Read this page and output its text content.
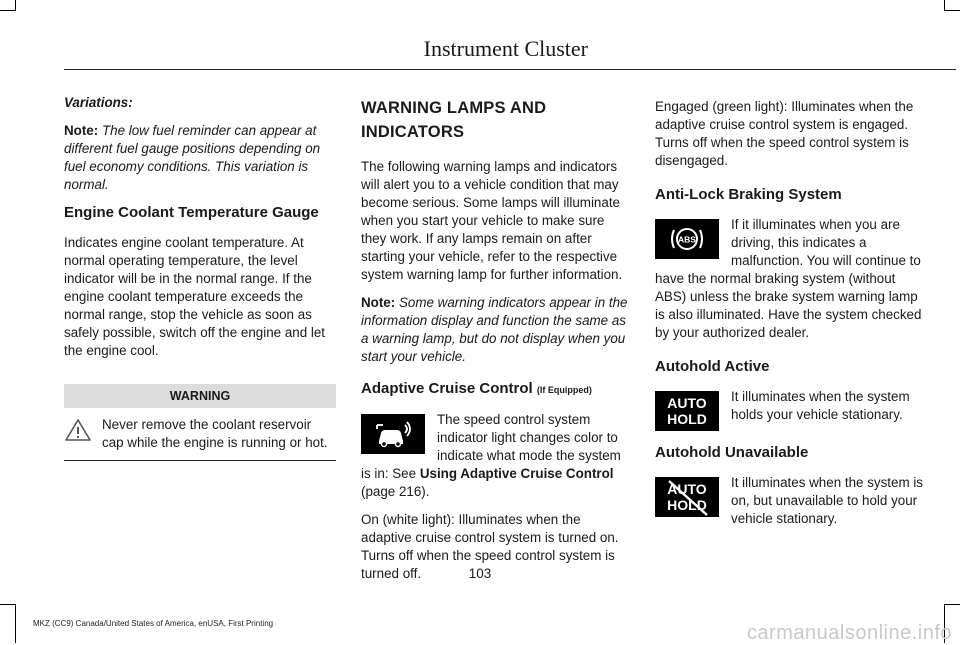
Instrument Cluster

Variations:

Note: The low fuel reminder can appear at different fuel gauge positions depending on fuel economy conditions. This variation is normal.

Engine Coolant Temperature Gauge

Indicates engine coolant temperature. At normal operating temperature, the level indicator will be in the normal range. If the engine coolant temperature exceeds the normal range, stop the vehicle as soon as safely possible, switch off the engine and let the engine cool.

WARNING
Never remove the coolant reservoir cap while the engine is running or hot.
WARNING LAMPS AND
INDICATORS

The following warning lamps and indicators will alert you to a vehicle condition that may become serious. Some lamps will illuminate when you start your vehicle to make sure they work. If any lamps remain on after starting your vehicle, refer to the respective system warning lamp for further information.

Note: Some warning indicators appear in the information display and function the same as a warning lamp, but do not display when you start your vehicle.

Adaptive Cruise Control (If Equipped)

The speed control system indicator light changes color to indicate what mode the system is in: See Using Adaptive Cruise Control (page 216).

On (white light): Illuminates when the adaptive cruise control system is turned on. Turns off when the speed control system is turned off.

Engaged (green light): Illuminates when the adaptive cruise control system is engaged. Turns off when the speed control system is disengaged.

Anti-Lock Braking System

ABS
If it illuminates when you are driving, this indicates a malfunction. You will continue to have the normal braking system (without ABS) unless the brake system warning lamp is also illuminated. Have the system checked by your authorized dealer.

Autohold Active

AUTO
HOLD
It illuminates when the system holds your vehicle stationary.

Autohold Unavailable

AUTO
HOLD
It illuminates when the system is on, but unavailable to hold your vehicle stationary.

103
MKZ (CC9) Canada/United States of America, enUSA, First Printing	carmanualsonline.info
